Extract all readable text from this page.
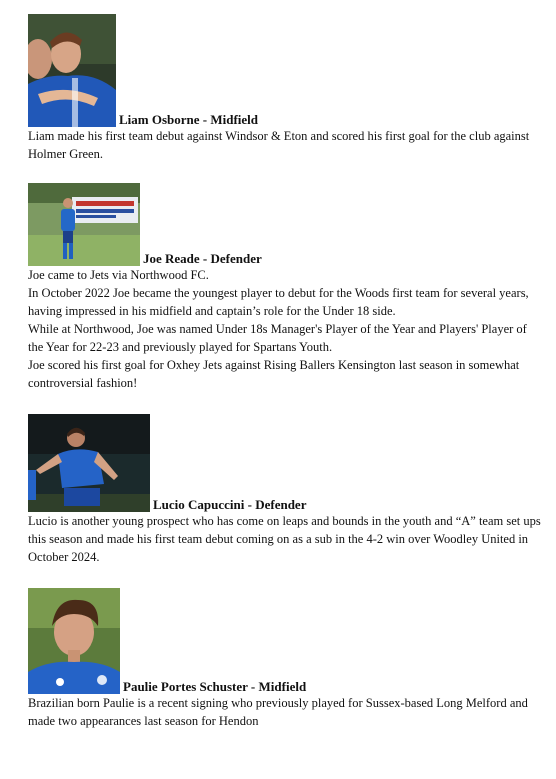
Liam Osborne - Midfield

Liam made his first team debut against Windsor & Eton and scored his first goal for the club against Holmer Green.

Joe Reade - Defender

Joe came to Jets via Northwood FC.

In October 2022 Joe became the youngest player to debut for the Woods first team for several years, having impressed in his midfield and captain’s role for the Under 18 side.

While at Northwood, Joe was named Under 18s Manager's Player of the Year and Players' Player of the Year for 22-23 and previously played for Spartans Youth.

Joe scored his first goal for Oxhey Jets against Rising Ballers Kensington last season in somewhat controversial fashion!

Lucio Capuccini - Defender

Lucio is another young prospect who has come on leaps and bounds in the youth and “A” team set ups this season and made his first team debut coming on as a sub in the 4-2 win over Woodley United in October 2024.

Paulie Portes Schuster - Midfield

Brazilian born Paulie is a recent signing who previously played for Sussex-based Long Melford and made two appearances last season for Hendon
